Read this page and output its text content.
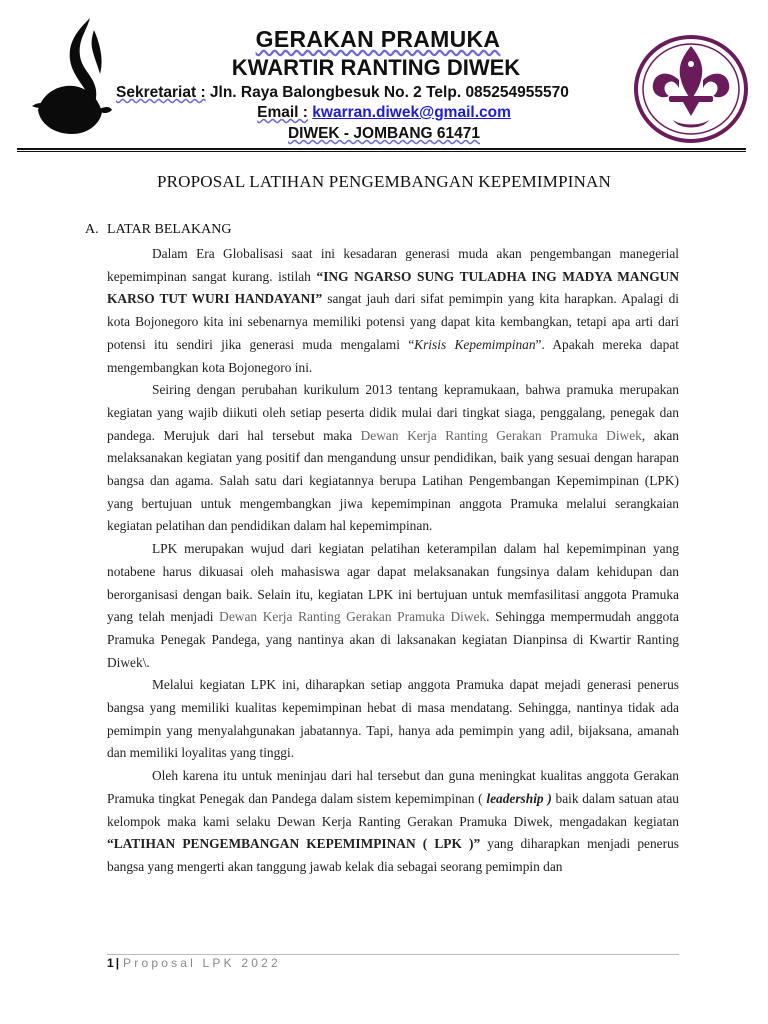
GERAKAN PRAMUKA
KWARTIR RANTING DIWEK
Sekretariat : Jln. Raya Balongbesuk No. 2 Telp. 085254955570
Email : kwarran.diwek@gmail.com
DIWEK - JOMBANG 61471
PROPOSAL LATIHAN PENGEMBANGAN KEPEMIMPINAN
A. LATAR BELAKANG

Dalam Era Globalisasi saat ini kesadaran generasi muda akan pengembangan manegerial kepemimpinan sangat kurang. istilah “ING NGARSO SUNG TULADHA ING MADYA MANGUN KARSO TUT WURI HANDAYANI” sangat jauh dari sifat pemimpin yang kita harapkan. Apalagi di kota Bojonegoro kita ini sebenarnya memiliki potensi yang dapat kita kembangkan, tetapi apa arti dari potensi itu sendiri jika generasi muda mengalami “Krisis Kepemimpinan”. Apakah mereka dapat mengembangkan kota Bojonegoro ini.

Seiring dengan perubahan kurikulum 2013 tentang kepramukaan, bahwa pramuka merupakan kegiatan yang wajib diikuti oleh setiap peserta didik mulai dari tingkat siaga, penggalang, penegak dan pandega. Merujuk dari hal tersebut maka Dewan Kerja Ranting Gerakan Pramuka Diwek, akan melaksanakan kegiatan yang positif dan mengandung unsur pendidikan, baik yang sesuai dengan harapan bangsa dan agama. Salah satu dari kegiatannya berupa Latihan Pengembangan Kepemimpinan (LPK) yang bertujuan untuk mengembangkan jiwa kepemimpinan anggota Pramuka melalui serangkaian kegiatan pelatihan dan pendidikan dalam hal kepemimpinan.

LPK merupakan wujud dari kegiatan pelatihan keterampilan dalam hal kepemimpinan yang notabene harus dikuasai oleh mahasiswa agar dapat melaksanakan fungsinya dalam kehidupan dan berorganisasi dengan baik. Selain itu, kegiatan LPK ini bertujuan untuk memfasilitasi anggota Pramuka yang telah menjadi Dewan Kerja Ranting Gerakan Pramuka Diwek. Sehingga mempermudah anggota Pramuka Penegak Pandega, yang nantinya akan di laksanakan kegiatan Dianpinsa di Kwartir Ranting Diwek\.

Melalui kegiatan LPK ini, diharapkan setiap anggota Pramuka dapat mejadi generasi penerus bangsa yang memiliki kualitas kepemimpinan hebat di masa mendatang. Sehingga, nantinya tidak ada pemimpin yang menyalahgunakan jabatannya. Tapi, hanya ada pemimpin yang adil, bijaksana, amanah dan memiliki loyalitas yang tinggi.

Oleh karena itu untuk meninjau dari hal tersebut dan guna meningkat kualitas anggota Gerakan Pramuka tingkat Penegak dan Pandega dalam sistem kepemimpinan ( leadership ) baik dalam satuan atau kelompok maka kami selaku Dewan Kerja Ranting Gerakan Pramuka Diwek, mengadakan kegiatan “LATIHAN PENGEMBANGAN KEPEMIMPINAN ( LPK )” yang diharapkan menjadi penerus bangsa yang mengerti akan tanggung jawab kelak dia sebagai seorang pemimpin dan

1 | Proposal LPK 2022
